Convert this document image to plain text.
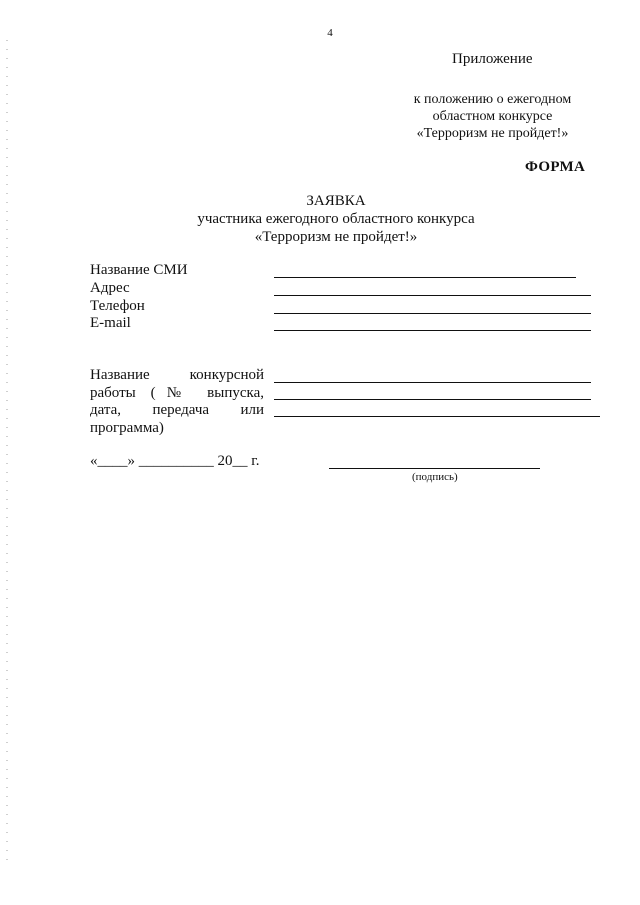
4
Приложение
к положению о ежегодном
областном конкурсе
«Терроризм не пройдет!»
ФОРМА
ЗАЯВКА
участника ежегодного областного конкурса
«Терроризм не пройдет!»
Название СМИ
Адрес
Телефон
E-mail
Название конкурсной
работы (№ выпуска,
дата, передача или
программа)
«____» __________ 20__ г.
(подпись)
